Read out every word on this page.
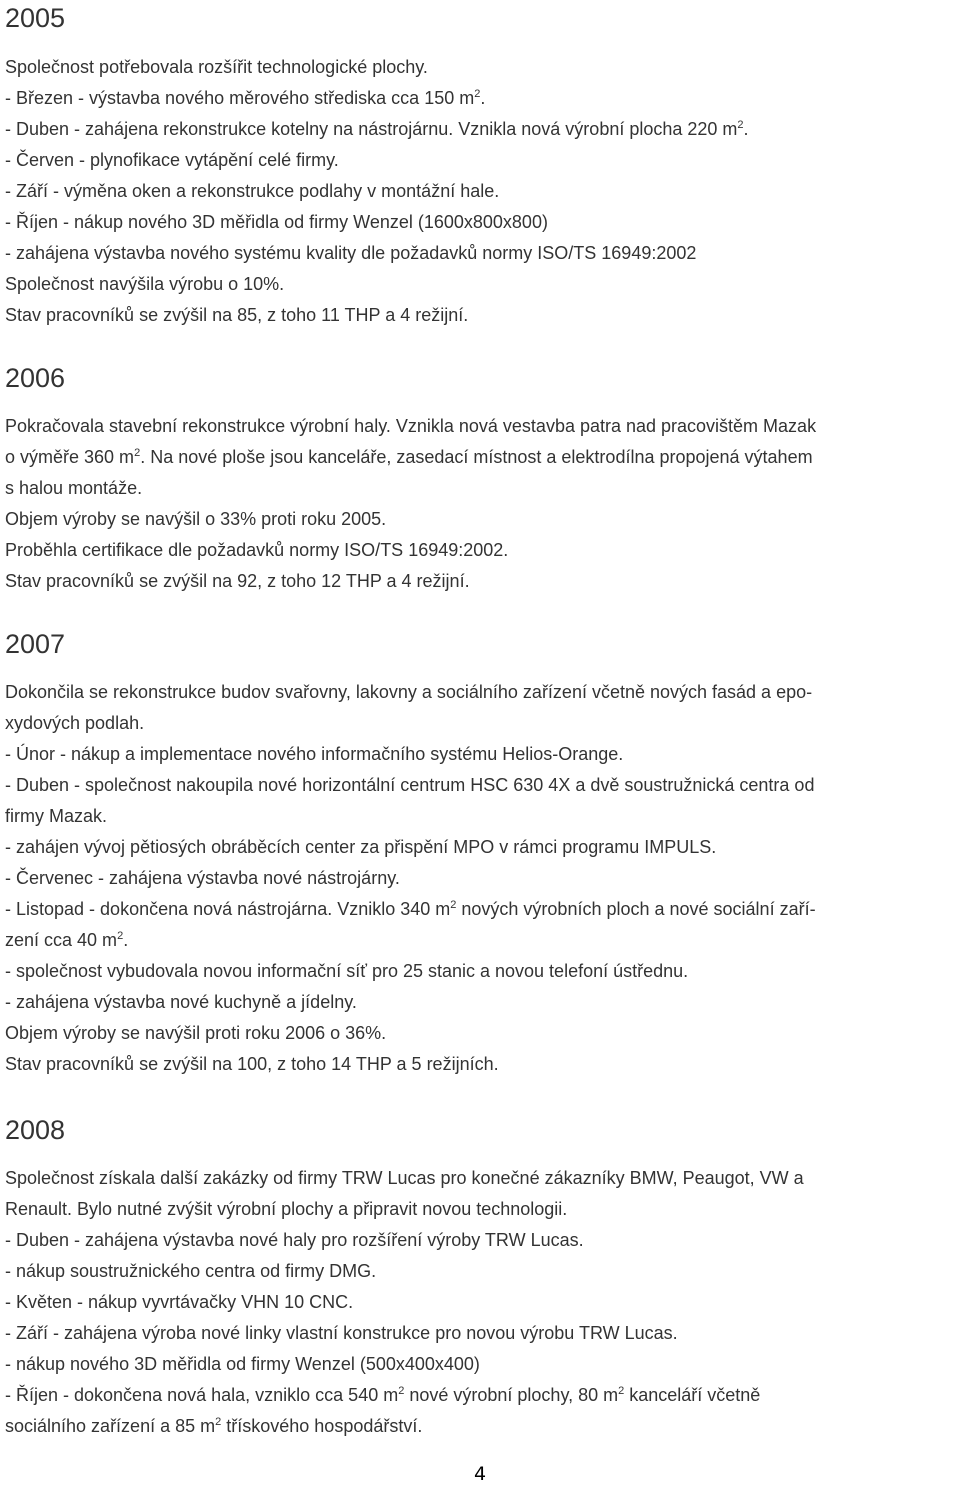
2005

Společnost potřebovala rozšířit technologické plochy.

- Březen - výstavba nového měrového střediska cca 150 $m^2$.

- Duben - zahájena rekonstrukce kotelny na nástrojárnu. Vznikla nová výrobní plocha 220 $m^2$.

- Červen - plynofikace vytápění celé firmy.

- Září - výměna oken a rekonstrukce podlahy v montážní hale.

- Říjen - nákup nového 3D měřidla od firmy Wenzel (1600x800x800)

- zahájena výstavba nového systému kvality dle požadavků normy ISO/TS 16949:2002

Společnost navýšila výrobu o 10%.

Stav pracovníků se zvýšil na 85, z toho 11 THP a 4 režijní.

2006

Pokračovala stavební rekonstrukce výrobní haly. Vznikla nová vestavba patra nad pracovištěm Mazak

o výměře 360 $m^2$. Na nové ploše jsou kanceláře, zasedací místnost a elektrodílna propojená výtahem

s halou montáže.

Objem výroby se navýšil o 33% proti roku 2005.

Proběhla certifikace dle požadavků normy ISO/TS 16949:2002.

Stav pracovníků se zvýšil na 92, z toho 12 THP a 4 režijní.

2007

Dokončila se rekonstrukce budov svařovny, lakovny a sociálního zařízení včetně nových fasád a epo-

xydových podlah.

- Únor - nákup a implementace nového informačního systému Helios-Orange.

- Duben - společnost nakoupila nové horizontální centrum HSC 630 4X a dvě soustružnická centra od

firmy Mazak.

- zahájen vývoj pětiosých obráběcích center za přispění MPO v rámci programu IMPULS.

- Červenec - zahájena výstavba nové nástrojárny.

- Listopad - dokončena nová nástrojárna. Vzniklo 340 $m^2$ nových výrobních ploch a nové sociální zaří-

zení cca 40 $m^2$.

- společnost vybudovala novou informační síť pro 25 stanic a novou telefoní ústřednu.

- zahájena výstavba nové kuchyně a jídelny.

Objem výroby se navýšil proti roku 2006 o 36%.

Stav pracovníků se zvýšil na 100, z toho 14 THP a 5 režijních.

2008

Společnost získala další zakázky od firmy TRW Lucas pro konečné zákazníky BMW, Peaugot, VW a

Renault. Bylo nutné zvýšit výrobní plochy a připravit novou technologii.

- Duben - zahájena výstavba nové haly pro rozšíření výroby TRW Lucas.

- nákup soustružnického centra od firmy DMG.

- Květen - nákup vyvrtávačky VHN 10 CNC.

- Září - zahájena výroba nové linky vlastní konstrukce pro novou výrobu TRW Lucas.

- nákup nového 3D měřidla od firmy Wenzel (500x400x400)

- Říjen - dokončena nová hala, vzniklo cca 540 $m^2$ nové výrobní plochy, 80 $m^2$ kanceláří včetně

sociálního zařízení a 85 $m^2$ třískového hospodářství.

4
